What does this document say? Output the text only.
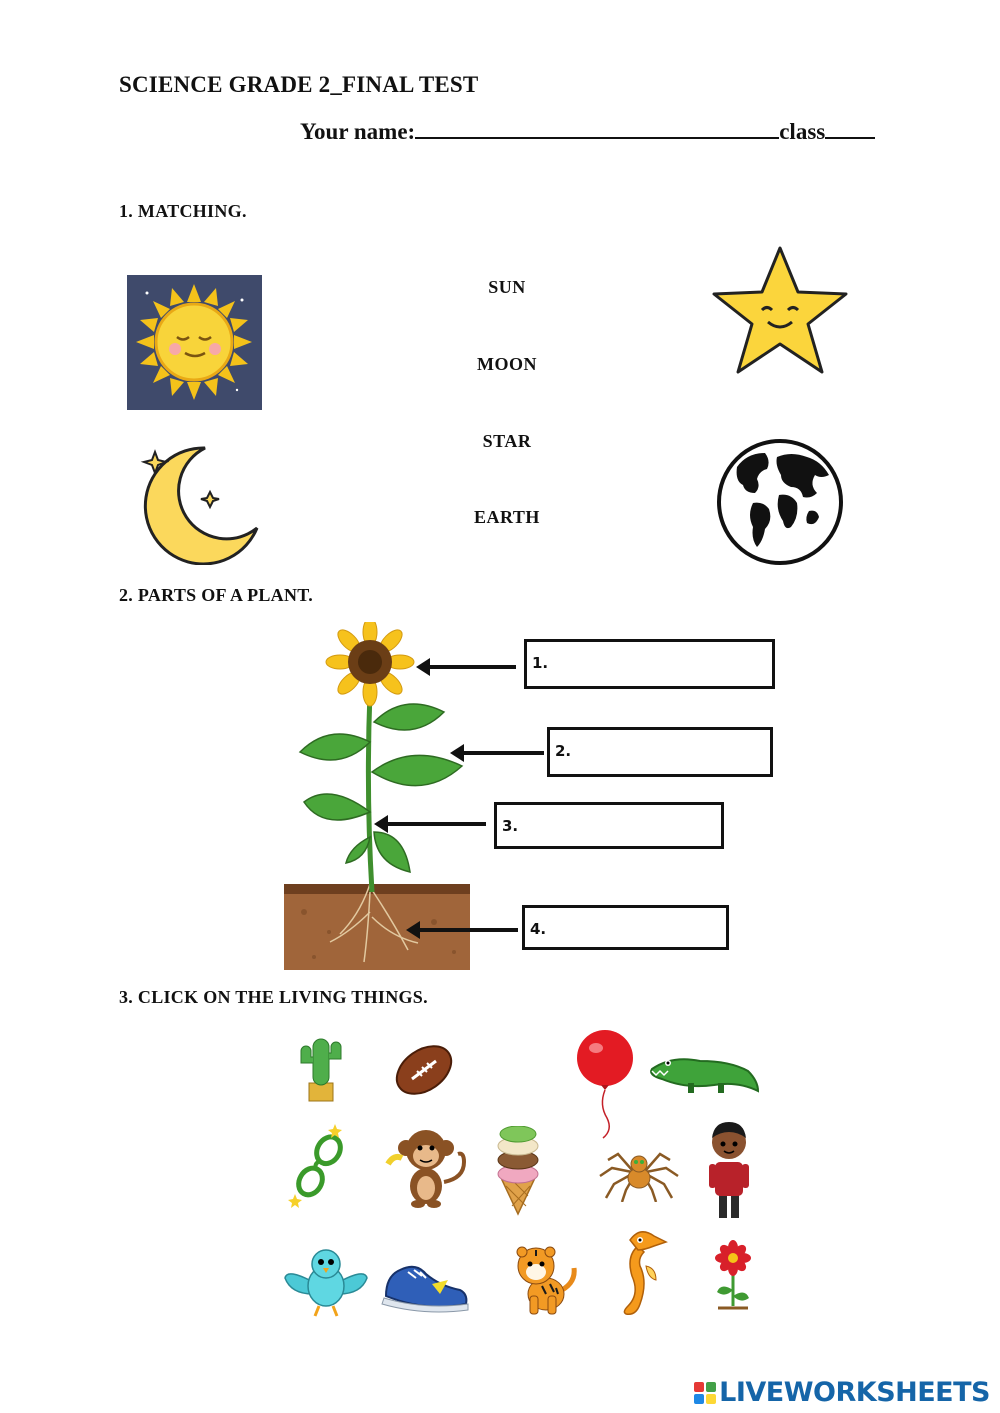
SCIENCE GRADE 2_FINAL TEST
Your name:	class
1. MATCHING.
SUN
MOON
STAR
EARTH
2. PARTS OF A PLANT.
1.
2.
3.
4.
3. CLICK ON THE LIVING THINGS.
LIVEWORKSHEETS
